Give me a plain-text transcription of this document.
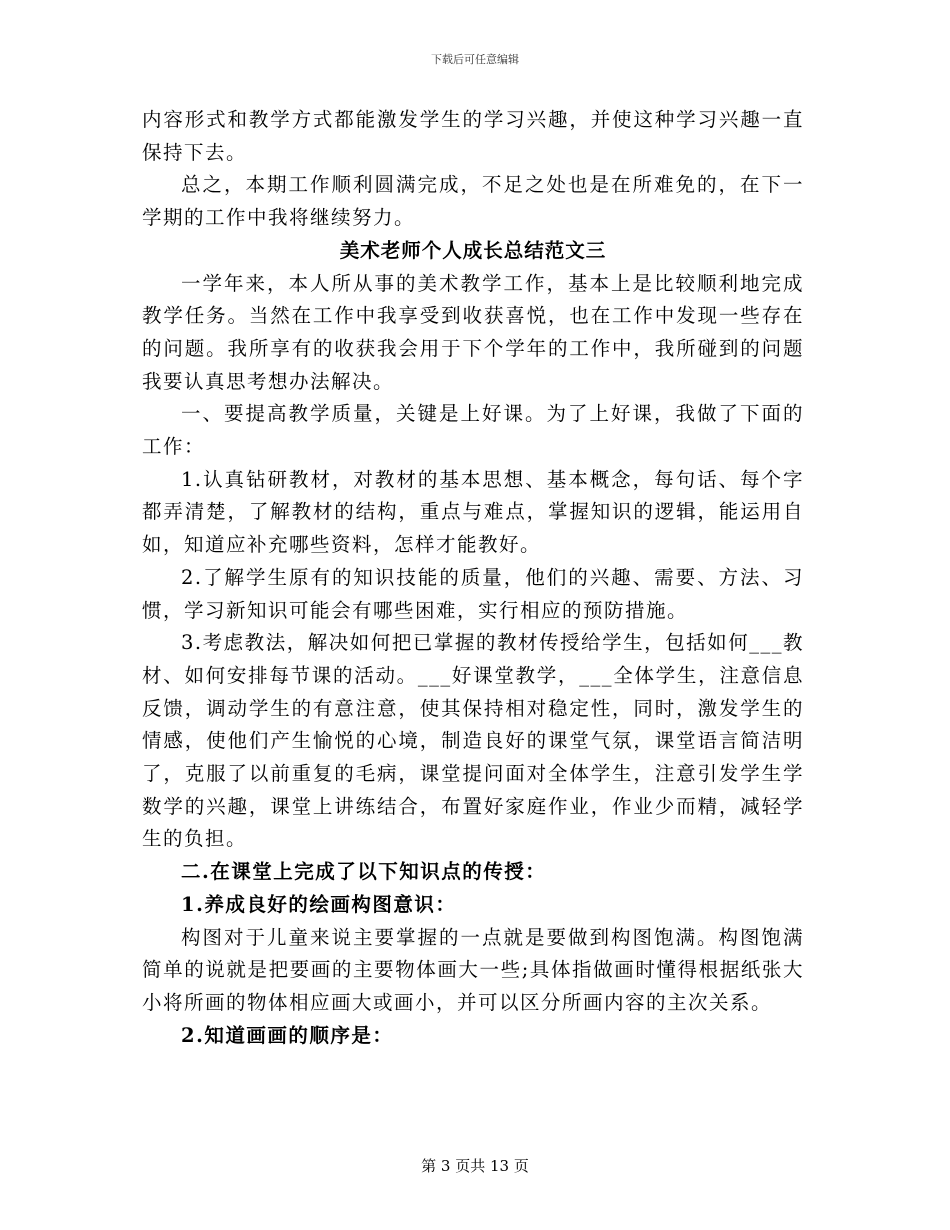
下载后可任意编辑

内容形式和教学方式都能激发学生的学习兴趣，并使这种学习兴趣一直保持下去。

总之，本期工作顺利圆满完成，不足之处也是在所难免的，在下一学期的工作中我将继续努力。

美术老师个人成长总结范文三

一学年来，本人所从事的美术教学工作，基本上是比较顺利地完成教学任务。当然在工作中我享受到收获喜悦，也在工作中发现一些存在的问题。我所享有的收获我会用于下个学年的工作中，我所碰到的问题我要认真思考想办法解决。

一、要提高教学质量，关键是上好课。为了上好课，我做了下面的工作：

1.认真钻研教材，对教材的基本思想、基本概念，每句话、每个字都弄清楚，了解教材的结构，重点与难点，掌握知识的逻辑，能运用自如，知道应补充哪些资料，怎样才能教好。

2.了解学生原有的知识技能的质量，他们的兴趣、需要、方法、习惯，学习新知识可能会有哪些困难，实行相应的预防措施。

3.考虑教法，解决如何把已掌握的教材传授给学生，包括如何___教材、如何安排每节课的活动。___好课堂教学，___全体学生，注意信息反馈，调动学生的有意注意，使其保持相对稳定性，同时，激发学生的情感，使他们产生愉悦的心境，制造良好的课堂气氛，课堂语言简洁明了，克服了以前重复的毛病，课堂提问面对全体学生，注意引发学生学数学的兴趣，课堂上讲练结合，布置好家庭作业，作业少而精，减轻学生的负担。

二.在课堂上完成了以下知识点的传授：

1.养成良好的绘画构图意识：

构图对于儿童来说主要掌握的一点就是要做到构图饱满。构图饱满简单的说就是把要画的主要物体画大一些;具体指做画时懂得根据纸张大小将所画的物体相应画大或画小，并可以区分所画内容的主次关系。

2.知道画画的顺序是：

第 3 页共 13 页
